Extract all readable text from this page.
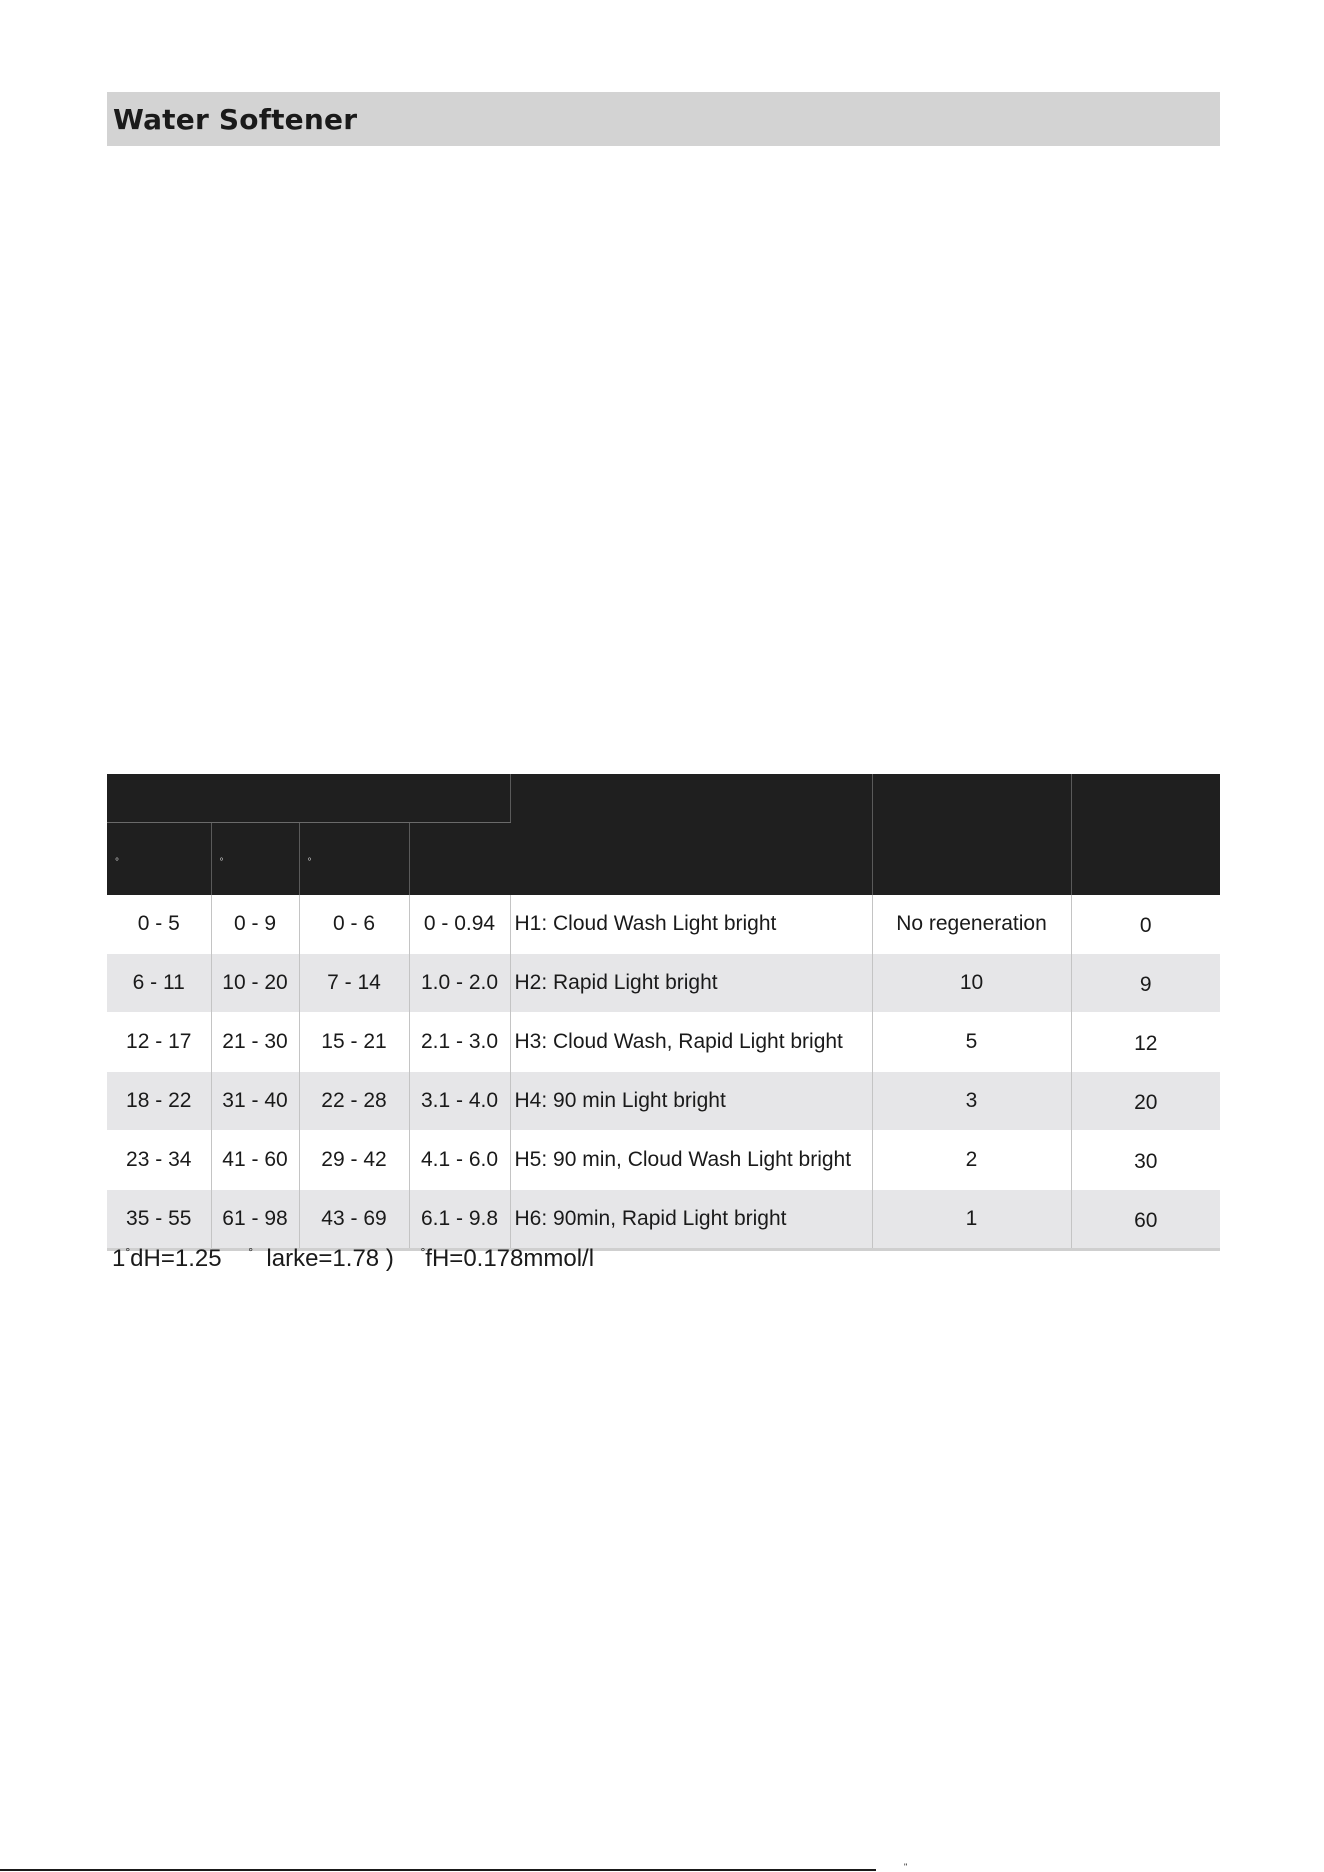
Water Softener

°	°	°				
0 - 5	0 - 9	0 - 6	0 - 0.94	H1: Cloud Wash Light bright	No regeneration	0
6 - 11	10 - 20	7 - 14	1.0 - 2.0	H2: Rapid Light bright	10	9
12 - 17	21 - 30	15 - 21	2.1 - 3.0	H3: Cloud Wash, Rapid Light bright	5	12
18 - 22	31 - 40	22 - 28	3.1 - 4.0	H4: 90 min Light bright	3	20
23 - 34	41 - 60	29 - 42	4.1 - 6.0	H5: 90 min, Cloud Wash Light bright	2	30
35 - 55	61 - 98	43 - 69	6.1 - 9.8	H6: 90min, Rapid Light bright	1	60
1°dH=1.25    °  larke=1.78 )    °fH=0.178mmol/l
"
